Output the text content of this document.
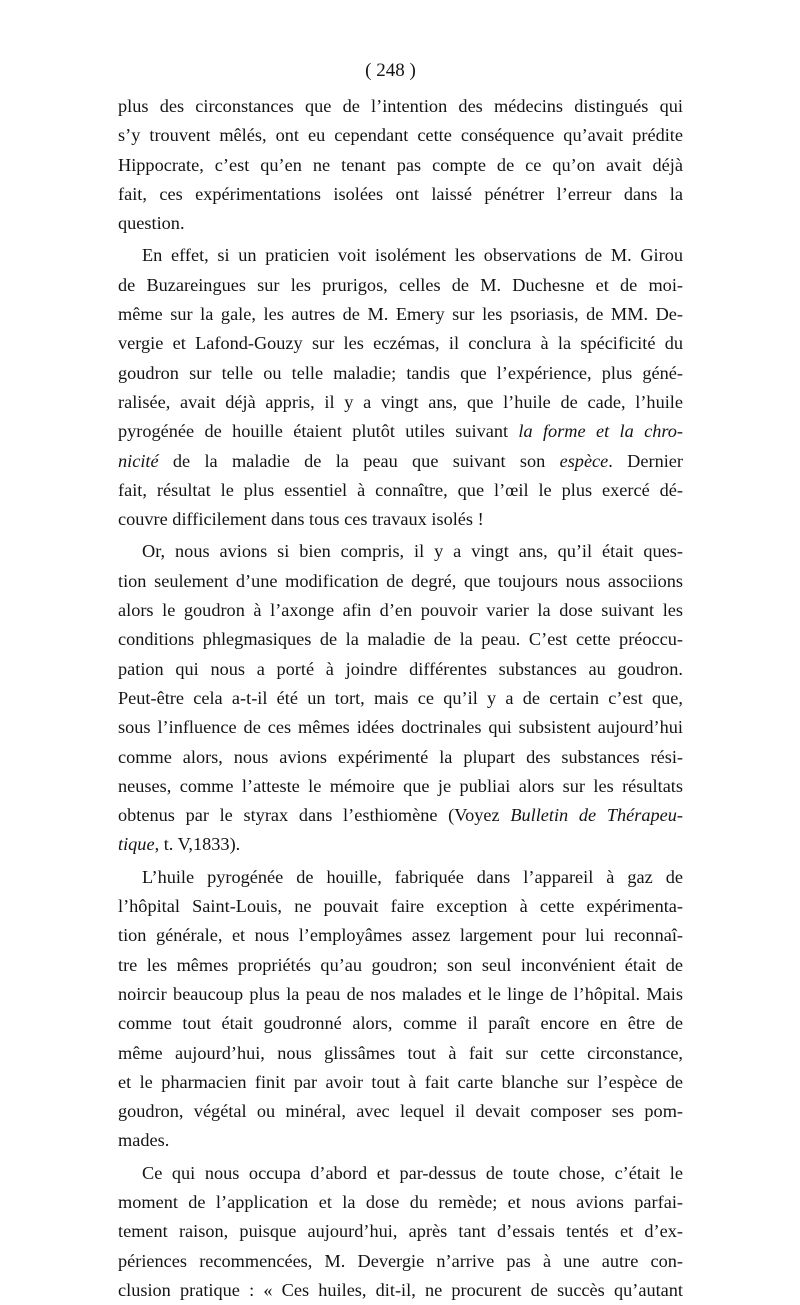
( 248 )
plus des circonstances que de l’intention des médecins distingués qui
s’y trouvent mêlés, ont eu cependant cette conséquence qu’avait prédite
Hippocrate, c’est qu’en ne tenant pas compte de ce qu’on avait déjà
fait, ces expérimentations isolées ont laissé pénétrer l’erreur dans la
question.
En effet, si un praticien voit isolément les observations de M. Girou
de Buzareingues sur les prurigos, celles de M. Duchesne et de moi-
même sur la gale, les autres de M. Emery sur les psoriasis, de MM. De-
vergie et Lafond-Gouzy sur les eczémas, il conclura à la spécificité du
goudron sur telle ou telle maladie; tandis que l’expérience, plus géné-
ralisée, avait déjà appris, il y a vingt ans, que l’huile de cade, l’huile
pyrogénée de houille étaient plutôt utiles suivant la forme et la chro-
nicité de la maladie de la peau que suivant son espèce. Dernier
fait, résultat le plus essentiel à connaître, que l’œil le plus exercé dé-
couvre difficilement dans tous ces travaux isolés !
Or, nous avions si bien compris, il y a vingt ans, qu’il était ques-
tion seulement d’une modification de degré, que toujours nous associions
alors le goudron à l’axonge afin d’en pouvoir varier la dose suivant les
conditions phlegmasiques de la maladie de la peau. C’est cette préoccu-
pation qui nous a porté à joindre différentes substances au goudron.
Peut-être cela a-t-il été un tort, mais ce qu’il y a de certain c’est que,
sous l’influence de ces mêmes idées doctrinales qui subsistent aujourd’hui
comme alors, nous avions expérimenté la plupart des substances rési-
neuses, comme l’atteste le mémoire que je publiai alors sur les résultats
obtenus par le styrax dans l’esthiomène (Voyez Bulletin de Thérapeu-
tique, t. V,1833).
L’huile pyrogénée de houille, fabriquée dans l’appareil à gaz de
l’hôpital Saint-Louis, ne pouvait faire exception à cette expérimenta-
tion générale, et nous l’employâmes assez largement pour lui reconnaî-
tre les mêmes propriétés qu’au goudron; son seul inconvénient était de
noircir beaucoup plus la peau de nos malades et le linge de l’hôpital. Mais
comme tout était goudronné alors, comme il paraît encore en être de
même aujourd’hui, nous glissâmes tout à fait sur cette circonstance,
et le pharmacien finit par avoir tout à fait carte blanche sur l’espèce de
goudron, végétal ou minéral, avec lequel il devait composer ses pom-
mades.
Ce qui nous occupa d’abord et par-dessus de toute chose, c’était le
moment de l’application et la dose du remède; et nous avions parfai-
tement raison, puisque aujourd’hui, après tant d’essais tentés et d’ex-
périences recommencées, M. Devergie n’arrive pas à une autre con-
clusion pratique : « Ces huiles, dit-il, ne procurent de succès qu’autant
